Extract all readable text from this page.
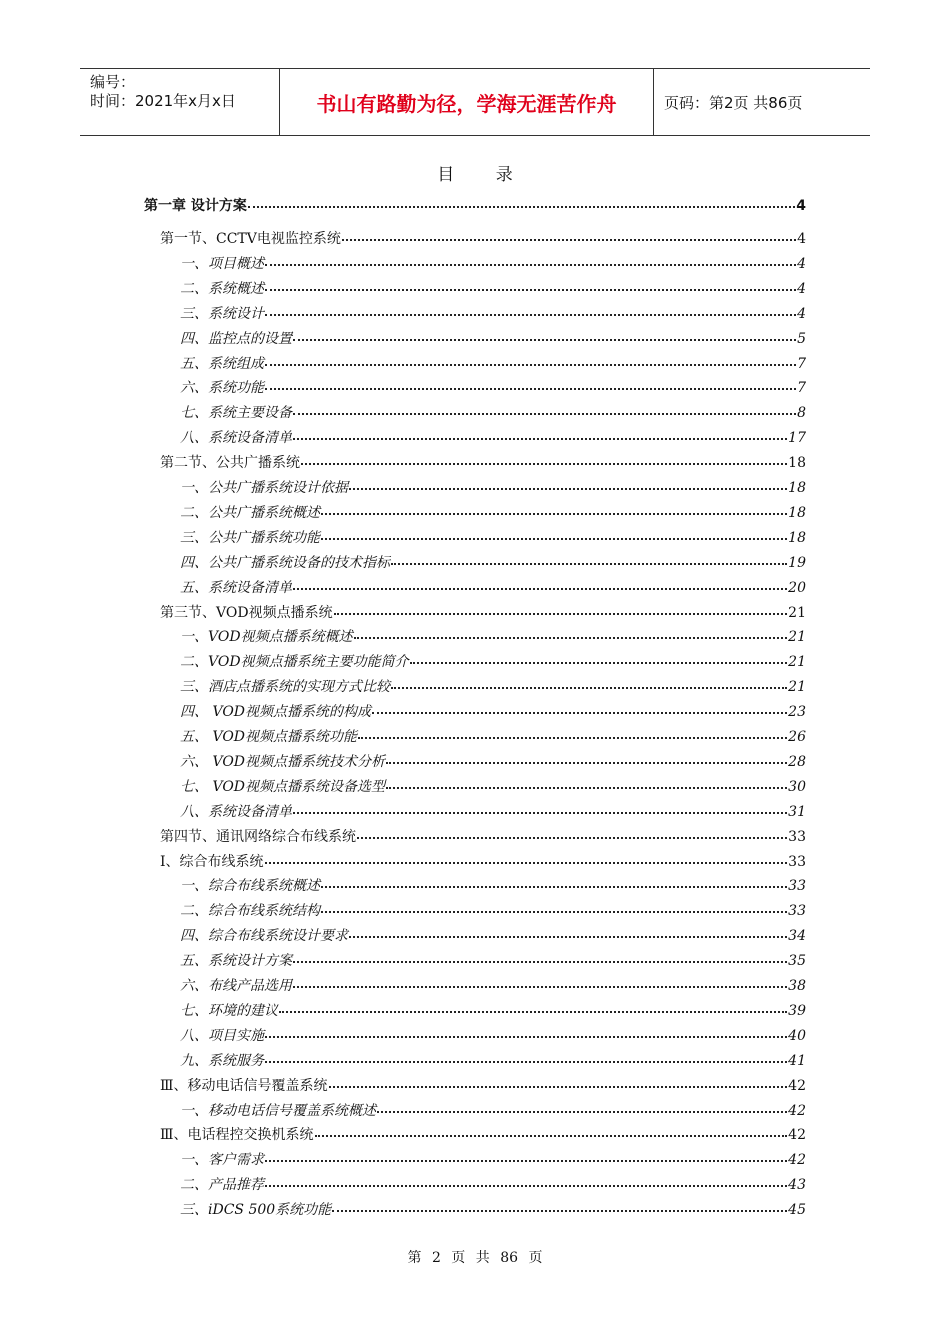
编号：
时间：2021年x月x日	书山有路勤为径，学海无涯苦作舟	页码：第2页 共86页
目 录
第一章 设计方案	4
第一节、CCTV电视监控系统	4
一、项目概述	4
二、系统概述	4
三、系统设计	4
四、监控点的设置	5
五、系统组成	7
六、系统功能	7
七、系统主要设备	8
八、系统设备清单	17
第二节、公共广播系统	18
一、公共广播系统设计依据	18
二、公共广播系统概述	18
三、公共广播系统功能	18
四、公共广播系统设备的技术指标	19
五、系统设备清单	20
第三节、VOD视频点播系统	21
一、VOD视频点播系统概述	21
二、VOD视频点播系统主要功能简介	21
三、酒店点播系统的实现方式比较	21
四、 VOD视频点播系统的构成	23
五、 VOD视频点播系统功能	26
六、 VOD视频点播系统技术分析	28
七、 VOD视频点播系统设备选型	30
八、系统设备清单	31
第四节、通讯网络综合布线系统	33
I、综合布线系统	33
一、综合布线系统概述	33
二、综合布线系统结构	33
四、综合布线系统设计要求	34
五、系统设计方案	35
六、布线产品选用	38
七、环境的建议	39
八、项目实施	40
九、系统服务	41
Ⅲ、移动电话信号覆盖系统	42
一、移动电话信号覆盖系统概述	42
Ⅲ、电话程控交换机系统	42
一、客户需求	42
二、产品推荐	43
三、iDCS 500系统功能	45
第 2 页 共 86 页
